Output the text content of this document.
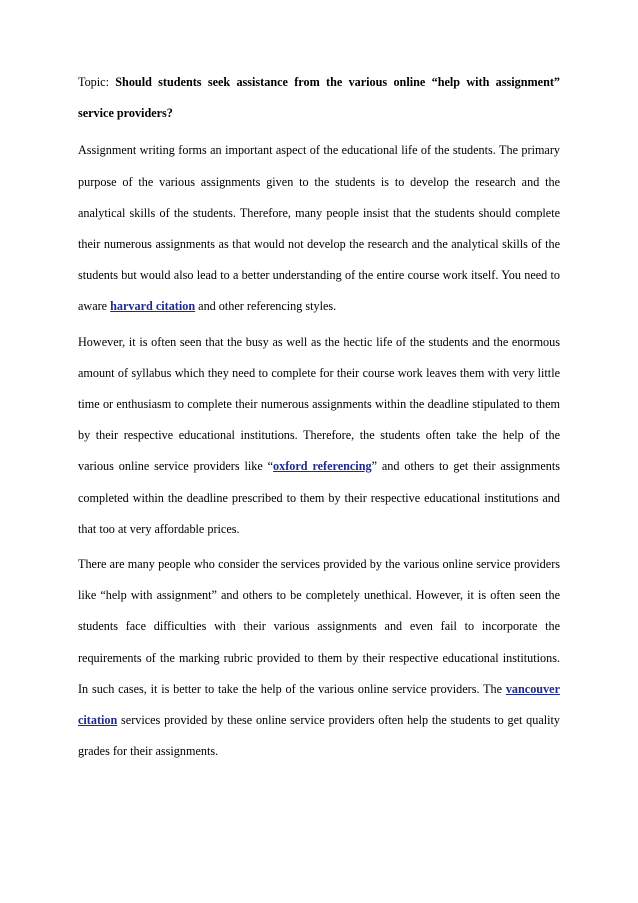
Topic: Should students seek assistance from the various online “help with assignment” service providers?

Assignment writing forms an important aspect of the educational life of the students. The primary purpose of the various assignments given to the students is to develop the research and the analytical skills of the students. Therefore, many people insist that the students should complete their numerous assignments as that would not develop the research and the analytical skills of the students but would also lead to a better understanding of the entire course work itself. You need to aware harvard citation and other referencing styles.

However, it is often seen that the busy as well as the hectic life of the students and the enormous amount of syllabus which they need to complete for their course work leaves them with very little time or enthusiasm to complete their numerous assignments within the deadline stipulated to them by their respective educational institutions. Therefore, the students often take the help of the various online service providers like “oxford referencing” and others to get their assignments completed within the deadline prescribed to them by their respective educational institutions and that too at very affordable prices.

There are many people who consider the services provided by the various online service providers like “help with assignment” and others to be completely unethical. However, it is often seen the students face difficulties with their various assignments and even fail to incorporate the requirements of the marking rubric provided to them by their respective educational institutions. In such cases, it is better to take the help of the various online service providers. The vancouver citation services provided by these online service providers often help the students to get quality grades for their assignments.
